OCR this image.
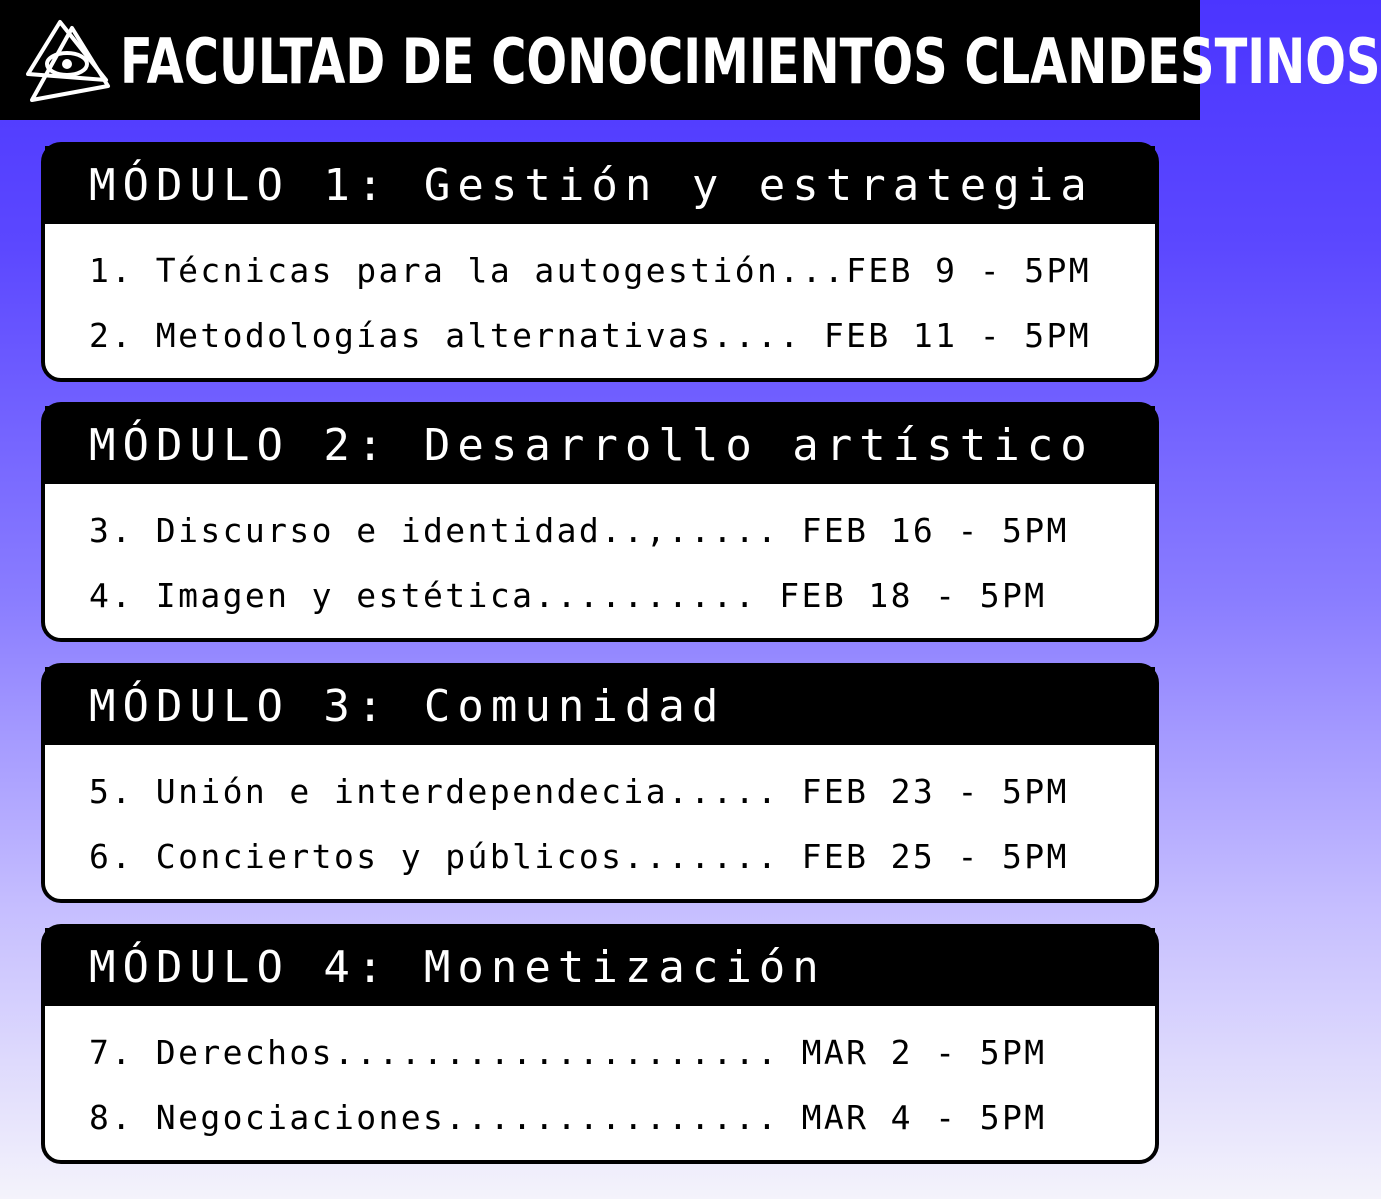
FACULTAD DE CONOCIMIENTOS CLANDESTINOS
MÓDULO 1: Gestión y estrategia
1. Técnicas para la autogestión...FEB 9 - 5PM
2. Metodologías alternativas.... FEB 11 - 5PM
MÓDULO 2: Desarrollo artístico
3. Discurso e identidad..,..... FEB 16 - 5PM
4. Imagen y estética.......... FEB 18 - 5PM
MÓDULO 3: Comunidad
5. Unión e interdependecia..... FEB 23 - 5PM
6. Conciertos y públicos....... FEB 25 - 5PM
MÓDULO 4: Monetización
7. Derechos.................... MAR 2 - 5PM
8. Negociaciones............... MAR 4 - 5PM
